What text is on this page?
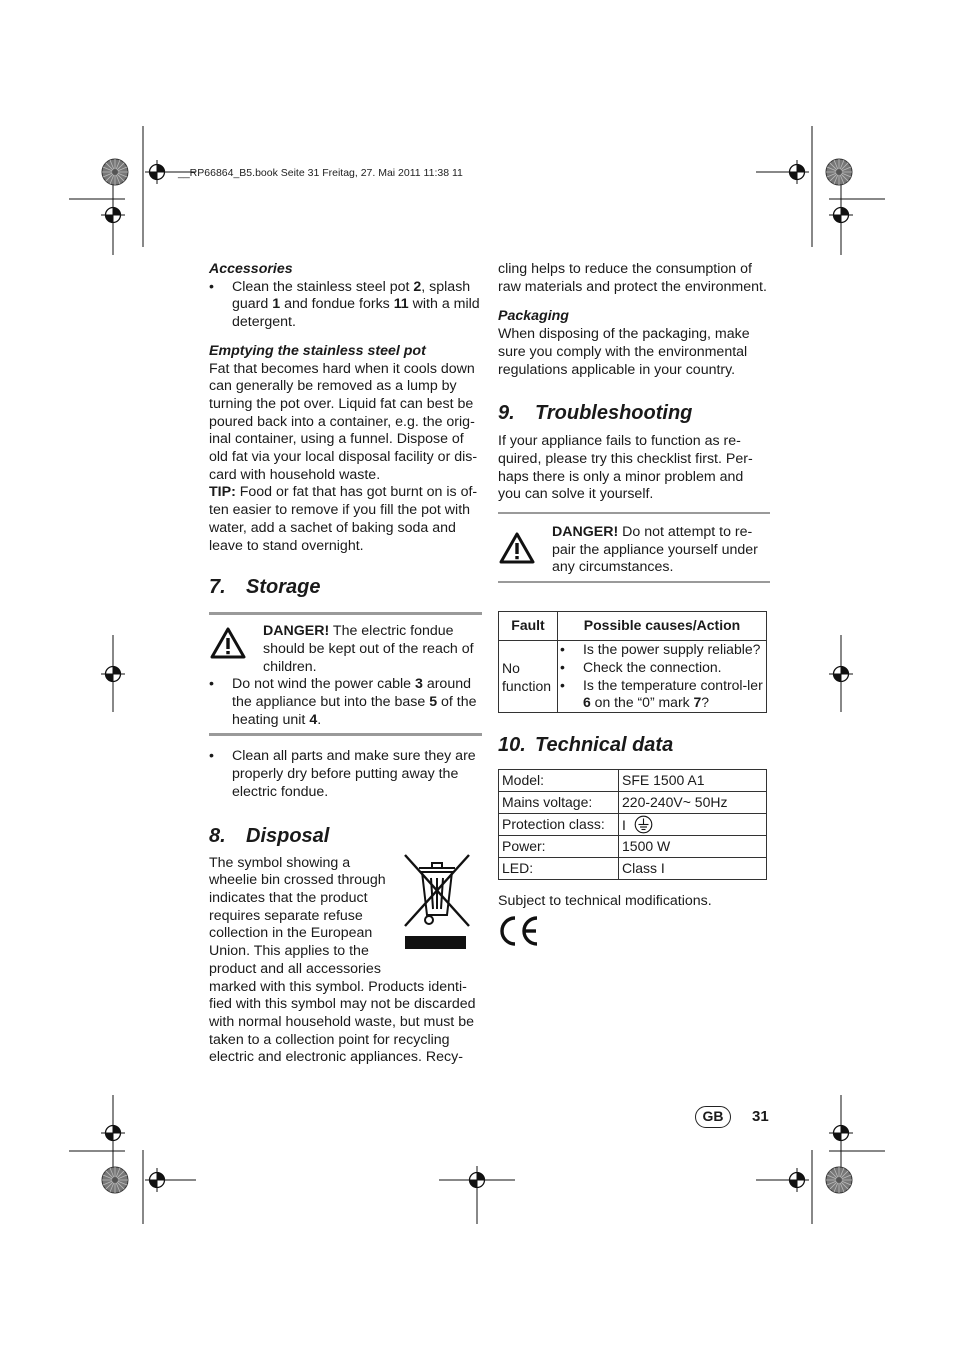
__RP66864_B5.book Seite 31 Freitag, 27. Mai 2011 11:38 11

Accessories

• Clean the stainless steel pot 2, splash guard 1 and fondue forks 11 with a mild detergent.

Emptying the stainless steel pot

Fat that becomes hard when it cools down can generally be removed as a lump by turning the pot over. Liquid fat can best be poured back into a container, e.g. the orig-inal container, using a funnel. Dispose of old fat via your local disposal facility or dis-card with household waste.

TIP: Food or fat that has got burnt on is of-ten easier to remove if you fill the pot with water, add a sachet of baking soda and leave to stand overnight.

7. Storage

DANGER! The electric fondue should be kept out of the reach of children.

• Do not wind the power cable 3 around the appliance but into the base 5 of the heating unit 4.
• Clean all parts and make sure they are properly dry before putting away the electric fondue.
8. Disposal

The symbol showing a

wheelie bin crossed through

indicates that the product

requires separate refuse

collection in the European

Union. This applies to the

product and all accessories

marked with this symbol. Products identi-fied with this symbol may not be discarded with normal household waste, but must be taken to a collection point for recycling electric and electronic appliances. Recy-

cling helps to reduce the consumption of raw materials and protect the environment.

Packaging

When disposing of the packaging, make sure you comply with the environmental regulations applicable in your country.

9. Troubleshooting

If your appliance fails to function as re-quired, please try this checklist first. Per-haps there is only a minor problem and you can solve it yourself.

DANGER! Do not attempt to re-pair the appliance yourself under any circumstances.

Fault	Possible causes/Action
No function	• Is the power supply reliable?
• Check the connection.
• Is the temperature control-ler 6 on the “0” mark 7?
10. Technical data
Model:	SFE 1500 A1
Mains voltage:	220-240V~ 50Hz
Protection class:	I
Power:	1500 W
LED:	Class I

Subject to technical modifications.

GB	31
